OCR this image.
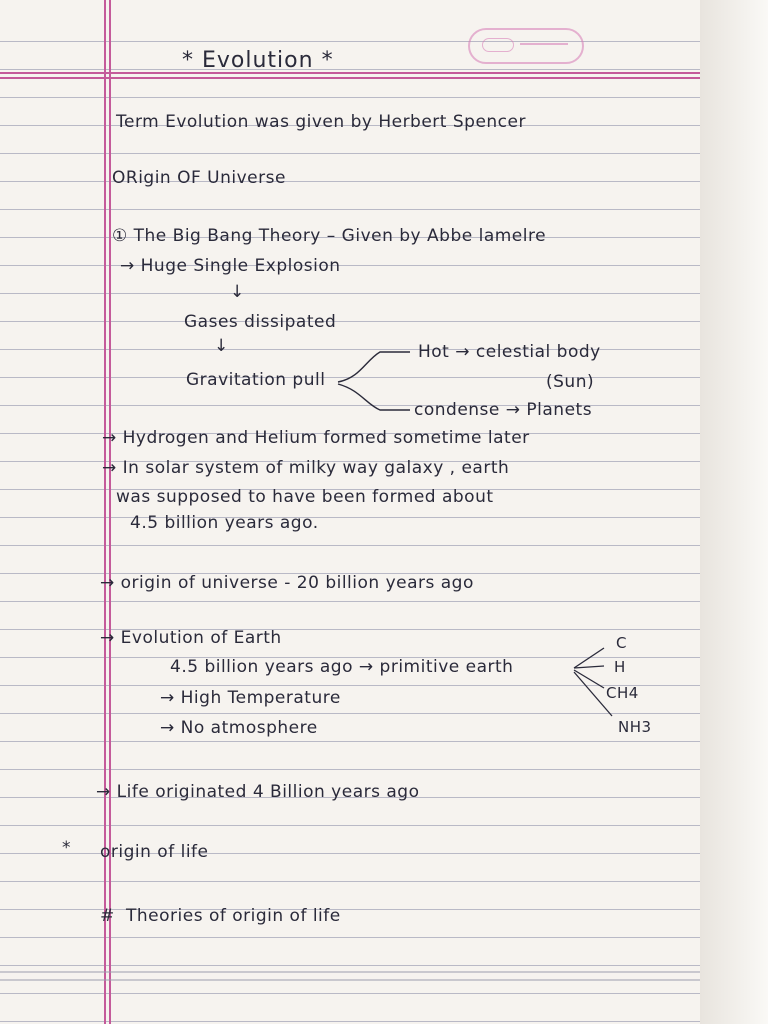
* Evolution *
Term Evolution was given by Herbert Spencer
ORigin OF Universe
① The Big Bang Theory – Given by Abbe lamelre
→ Huge Single Explosion
↓
Gases dissipated
↓
Gravitation pull
Hot → celestial body
(Sun)
condense → Planets
→ Hydrogen and Helium formed sometime later
→ In solar system of milky way galaxy , earth
was supposed to have been formed about
4.5 billion years ago.
→ origin of universe - 20 billion years ago
→ Evolution of Earth
4.5 billion years ago → primitive earth
→ High Temperature
→ No atmosphere
C
H
CH4
NH3
→ Life originated 4 Billion years ago
* origin of life
# Theories of origin of life
